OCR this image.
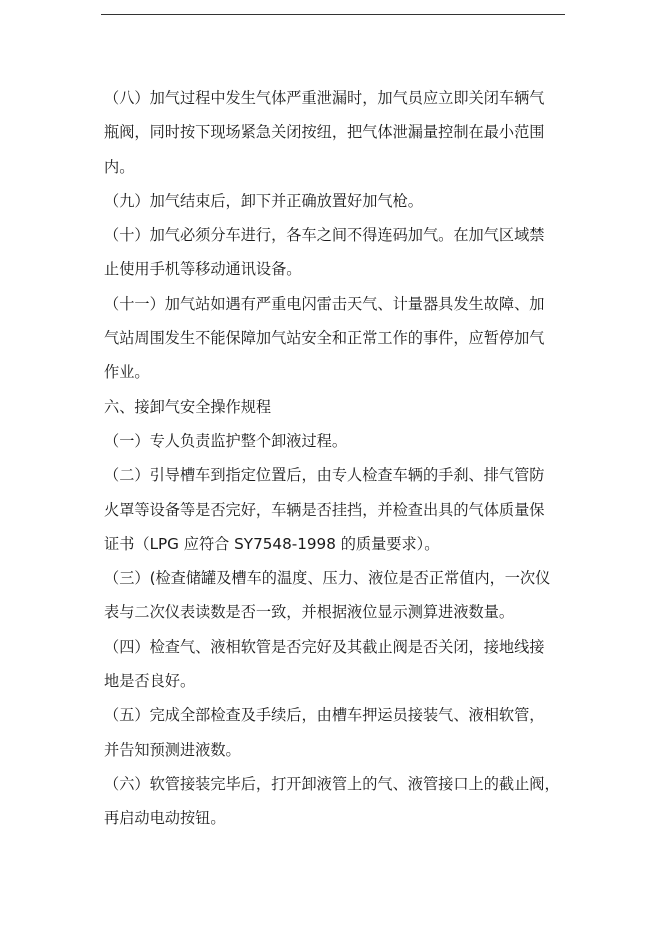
（八）加气过程中发生气体严重泄漏时，加气员应立即关闭车辆气
瓶阀，同时按下现场紧急关闭按纽，把气体泄漏量控制在最小范围
内。
（九）加气结束后，卸下并正确放置好加气枪。
（十）加气必须分车进行，各车之间不得连码加气。在加气区域禁
止使用手机等移动通讯设备。
（十一）加气站如遇有严重电闪雷击天气、计量器具发生故障、加
气站周围发生不能保障加气站安全和正常工作的事件，应暂停加气
作业。
六、接卸气安全操作规程
（一）专人负责监护整个卸液过程。
（二）引导槽车到指定位置后，由专人检查车辆的手刹、排气管防
火罩等设备等是否完好，车辆是否挂挡，并检查出具的气体质量保
证书（LPG 应符合 SY7548-1998 的质量要求）。
（三）(检查储罐及槽车的温度、压力、液位是否正常值内，一次仪
表与二次仪表读数是否一致，并根据液位显示测算进液数量。
（四）检查气、液相软管是否完好及其截止阀是否关闭，接地线接
地是否良好。
（五）完成全部检查及手续后，由槽车押运员接装气、液相软管，
并告知预测进液数。
（六）软管接装完毕后，打开卸液管上的气、液管接口上的截止阀，
再启动电动按钮。
